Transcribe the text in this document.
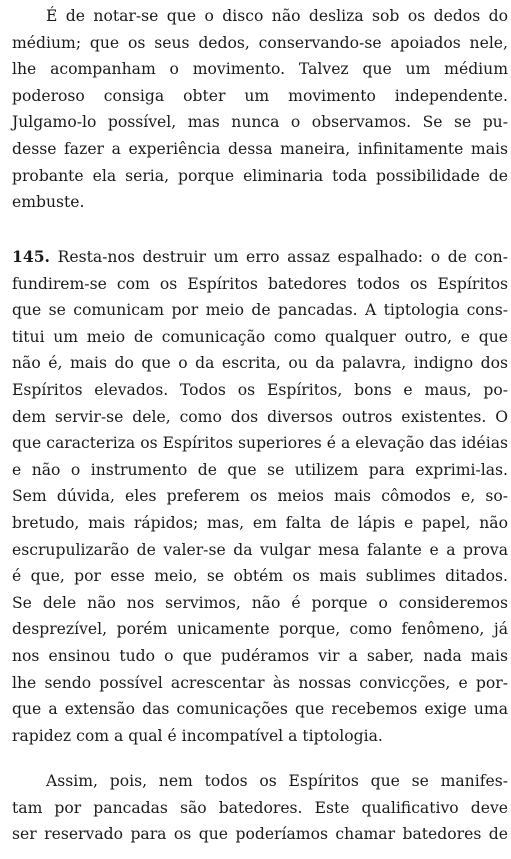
É de notar-se que o disco não desliza sob os dedos do
médium; que os seus dedos, conservando-se apoiados nele,
lhe acompanham o movimento. Talvez que um médium
poderoso consiga obter um movimento independente.
Julgamo-lo possível, mas nunca o observamos. Se se pu-
desse fazer a experiência dessa maneira, infinitamente mais
probante ela seria, porque eliminaria toda possibilidade de
embuste.
145. Resta-nos destruir um erro assaz espalhado: o de con-
fundirem-se com os Espíritos batedores todos os Espíritos
que se comunicam por meio de pancadas. A tiptologia cons-
titui um meio de comunicação como qualquer outro, e que
não é, mais do que o da escrita, ou da palavra, indigno dos
Espíritos elevados. Todos os Espíritos, bons e maus, po-
dem servir-se dele, como dos diversos outros existentes. O
que caracteriza os Espíritos superiores é a elevação das idéias
e não o instrumento de que se utilizem para exprimi-las.
Sem dúvida, eles preferem os meios mais cômodos e, so-
bretudo, mais rápidos; mas, em falta de lápis e papel, não
escrupulizarão de valer-se da vulgar mesa falante e a prova
é que, por esse meio, se obtém os mais sublimes ditados.
Se dele não nos servimos, não é porque o consideremos
desprezível, porém unicamente porque, como fenômeno, já
nos ensinou tudo o que pudéramos vir a saber, nada mais
lhe sendo possível acrescentar às nossas convicções, e por-
que a extensão das comunicações que recebemos exige uma
rapidez com a qual é incompatível a tiptologia.
Assim, pois, nem todos os Espíritos que se manifes-
tam por pancadas são batedores. Este qualificativo deve
ser reservado para os que poderíamos chamar batedores de
